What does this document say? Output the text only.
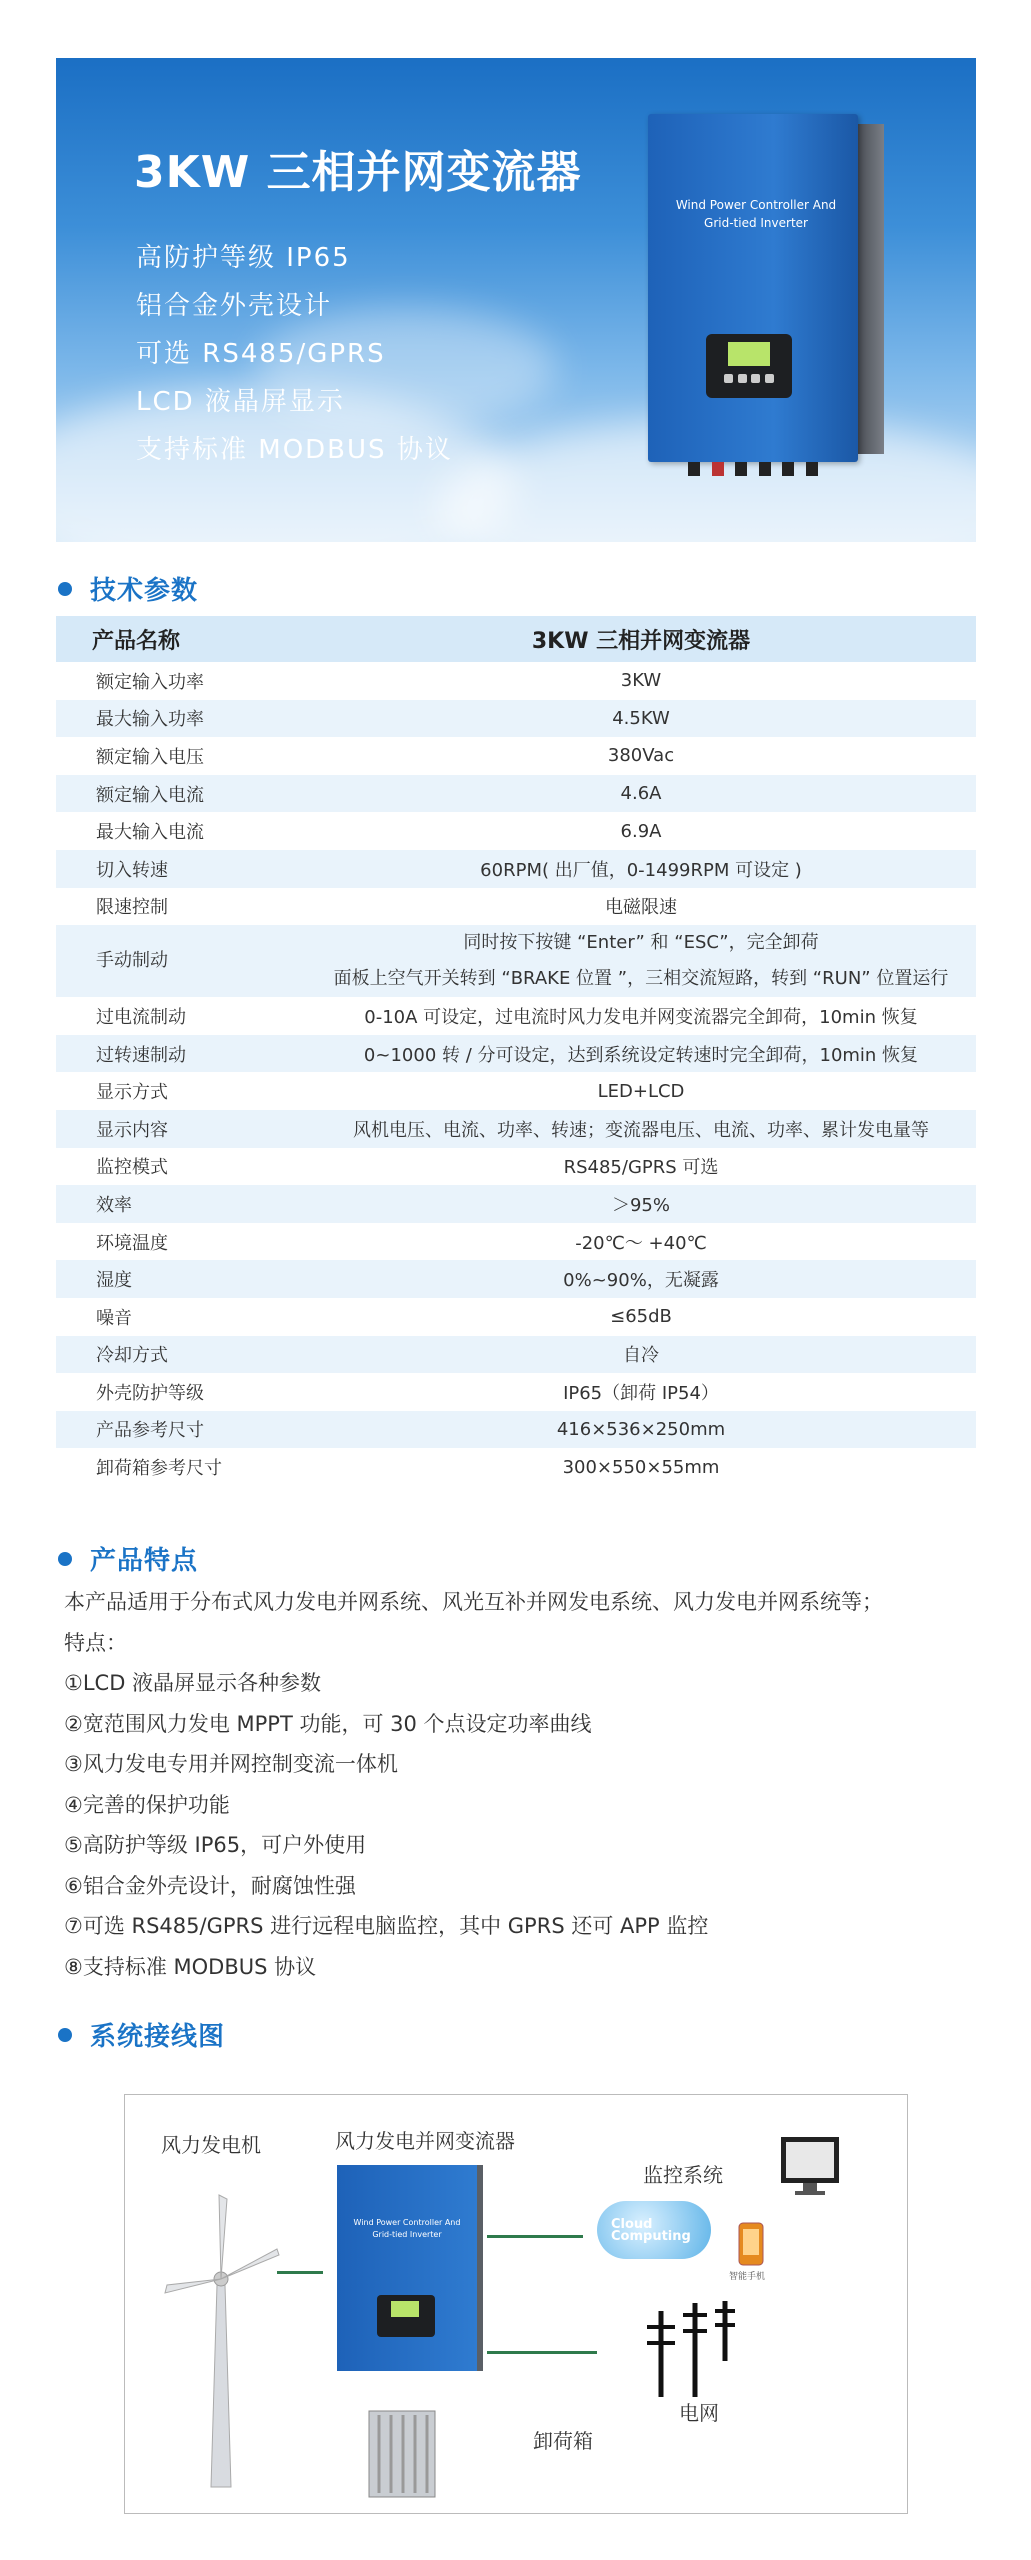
3KW 三相并网变流器
高防护等级 IP65
铝合金外壳设计
可选 RS485/GPRS
LCD 液晶屏显示
支持标准 MODBUS 协议
Wind Power Controller And
Grid-tied Inverter
技术参数
产品名称	3KW 三相并网变流器
额定输入功率	3KW
最大输入功率	4.5KW
额定输入电压	380Vac
额定输入电流	4.6A
最大输入电流	6.9A
切入转速	60RPM( 出厂值，0-1499RPM 可设定 )
限速控制	电磁限速
手动制动	同时按下按键 “Enter” 和 “ESC”，完全卸荷
面板上空气开关转到 “BRAKE 位置 ”，三相交流短路，转到 “RUN” 位置运行

过电流制动	0-10A 可设定，过电流时风力发电并网变流器完全卸荷，10min 恢复
过转速制动	0~1000 转 / 分可设定，达到系统设定转速时完全卸荷，10min 恢复
显示方式	LED+LCD
显示内容	风机电压、电流、功率、转速；变流器电压、电流、功率、累计发电量等
监控模式	RS485/GPRS 可选
效率	＞95%
环境温度	-20℃～ +40℃
湿度	0%~90%，无凝露
噪音	≤65dB
冷却方式	自冷
外壳防护等级	IP65（卸荷 IP54）
产品参考尺寸	416×536×250mm
卸荷箱参考尺寸	300×550×55mm
产品特点
本产品适用于分布式风力发电并网系统、风光互补并网发电系统、风力发电并网系统等；
特点：
①LCD 液晶屏显示各种参数
②宽范围风力发电 MPPT 功能，可 30 个点设定功率曲线
③风力发电专用并网控制变流一体机
④完善的保护功能
⑤高防护等级 IP65，可户外使用
⑥铝合金外壳设计，耐腐蚀性强
⑦可选 RS485/GPRS 进行远程电脑监控，其中 GPRS 还可 APP 监控
⑧支持标准 MODBUS 协议
系统接线图
风力发电机	风力发电并网变流器
监控系统
卸荷箱
电网
Wind Power Controller And
Grid-tied Inverter
Cloud Computing
智能手机
